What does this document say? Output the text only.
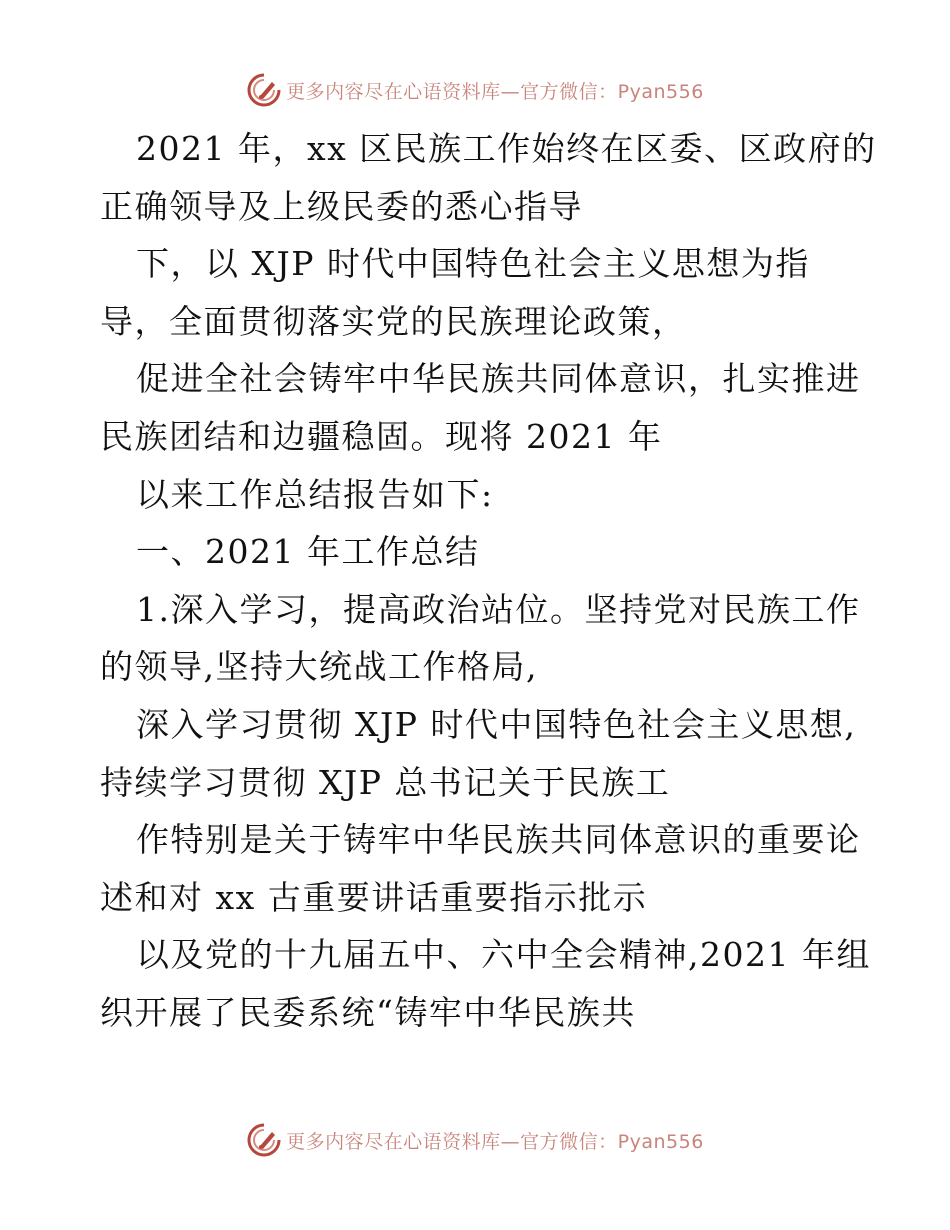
更多内容尽在心语资料库—官方微信：Pyan556
2021 年，xx 区民族工作始终在区委、区政府的
正确领导及上级民委的悉心指导
下，以 XJP 时代中国特色社会主义思想为指
导，全面贯彻落实党的民族理论政策，
促进全社会铸牢中华民族共同体意识，扎实推进
民族团结和边疆稳固。现将 2021 年
以来工作总结报告如下:
一、2021 年工作总结
1.深入学习，提高政治站位。坚持党对民族工作
的领导,坚持大统战工作格局,
深入学习贯彻 XJP 时代中国特色社会主义思想,
持续学习贯彻 XJP 总书记关于民族工
作特别是关于铸牢中华民族共同体意识的重要论
述和对 xx 古重要讲话重要指示批示
以及党的十九届五中、六中全会精神,2021 年组
织开展了民委系统“铸牢中华民族共
更多内容尽在心语资料库—官方微信：Pyan556
